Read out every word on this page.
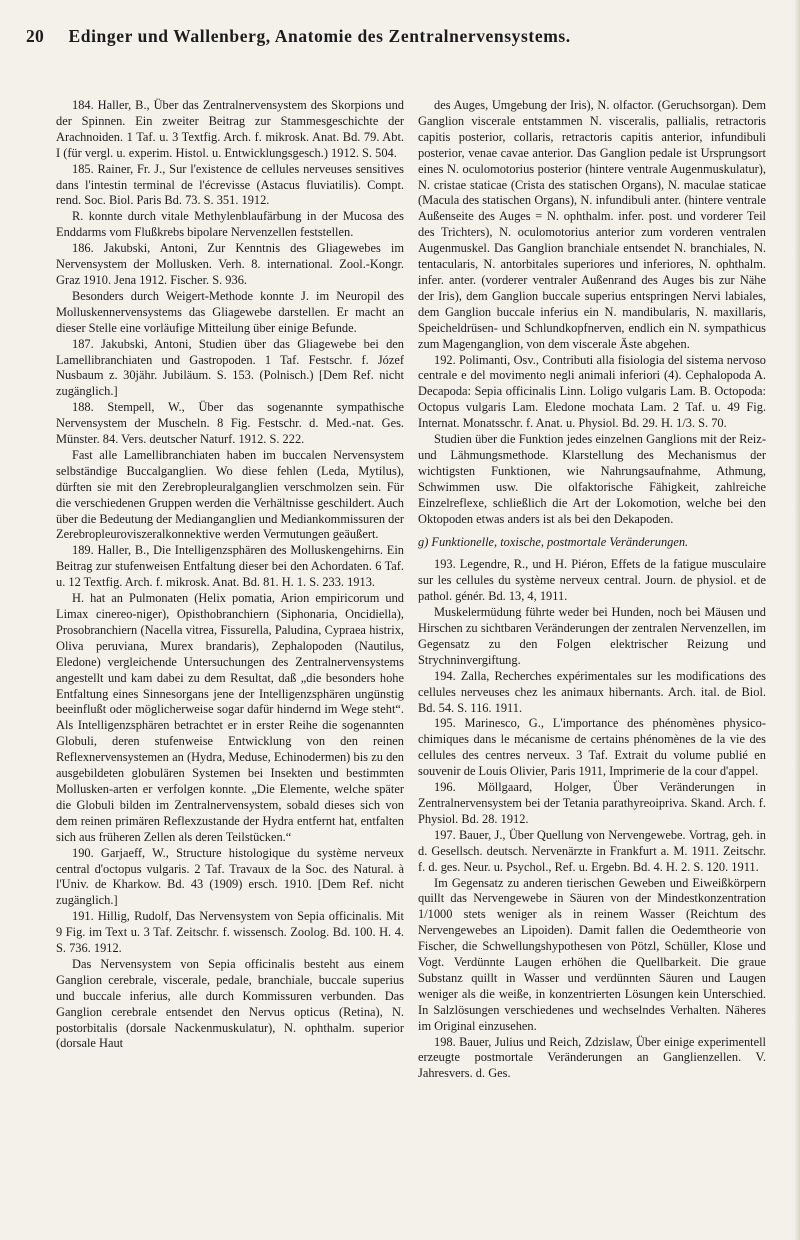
20 Edinger und Wallenberg, Anatomie des Zentralnervensystems.

184. Haller, B., Über das Zentralnervensystem des Skorpions und der Spinnen. Ein zweiter Beitrag zur Stammesgeschichte der Arachnoiden. 1 Taf. u. 3 Textfig. Arch. f. mikrosk. Anat. Bd. 79. Abt. I (für vergl. u. experim. Histol. u. Entwicklungsgesch.) 1912. S. 504.

185. Rainer, Fr. J., Sur l'existence de cellules nerveuses sensitives dans l'intestin terminal de l'écrevisse (Astacus fluviatilis). Compt. rend. Soc. Biol. Paris Bd. 73. S. 351. 1912.

R. konnte durch vitale Methylenblaufärbung in der Mucosa des Enddarms vom Flußkrebs bipolare Nervenzellen feststellen.

186. Jakubski, Antoni, Zur Kenntnis des Gliagewebes im Nervensystem der Mollusken. Verh. 8. international. Zool.-Kongr. Graz 1910. Jena 1912. Fischer. S. 936.

Besonders durch Weigert-Methode konnte J. im Neuropil des Molluskennervensystems das Gliagewebe darstellen. Er macht an dieser Stelle eine vorläufige Mitteilung über einige Befunde.

187. Jakubski, Antoni, Studien über das Gliagewebe bei den Lamellibranchiaten und Gastropoden. 1 Taf. Festschr. f. Józef Nusbaum z. 30jähr. Jubiläum. S. 153. (Polnisch.) [Dem Ref. nicht zugänglich.]

188. Stempell, W., Über das sogenannte sympathische Nervensystem der Muscheln. 8 Fig. Festschr. d. Med.-nat. Ges. Münster. 84. Vers. deutscher Naturf. 1912. S. 222.

Fast alle Lamellibranchiaten haben im buccalen Nervensystem selbständige Buccalganglien. Wo diese fehlen (Leda, Mytilus), dürften sie mit den Zerebropleuralganglien verschmolzen sein. Für die verschiedenen Gruppen werden die Verhältnisse geschildert. Auch über die Bedeutung der Medianganglien und Mediankommissuren der Zerebropleuroviszeralkonnektive werden Vermutungen geäußert.

189. Haller, B., Die Intelligenzsphären des Molluskengehirns. Ein Beitrag zur stufenweisen Entfaltung dieser bei den Achordaten. 6 Taf. u. 12 Textfig. Arch. f. mikrosk. Anat. Bd. 81. H. 1. S. 233. 1913.

H. hat an Pulmonaten (Helix pomatia, Arion empiricorum und Limax cinereo-niger), Opisthobranchiern (Siphonaria, Oncidiella), Prosobranchiern (Nacella vitrea, Fissurella, Paludina, Cypraea histrix, Oliva peruviana, Murex brandaris), Zephalopoden (Nautilus, Eledone) vergleichende Untersuchungen des Zentralnervensystems angestellt und kam dabei zu dem Resultat, daß „die besonders hohe Entfaltung eines Sinnesorgans jene der Intelligenzsphären ungünstig beeinflußt oder möglicherweise sogar dafür hindernd im Wege steht“. Als Intelligenzsphären betrachtet er in erster Reihe die sogenannten Globuli, deren stufenweise Entwicklung von den reinen Reflexnervensystemen an (Hydra, Meduse, Echinodermen) bis zu den ausgebildeten globulären Systemen bei Insekten und bestimmten Mollusken-arten er verfolgen konnte. „Die Elemente, welche später die Globuli bilden im Zentralnervensystem, sobald dieses sich von dem reinen primären Reflexzustande der Hydra entfernt hat, entfalten sich aus früheren Zellen als deren Teilstücken.“

190. Garjaeff, W., Structure histologique du système nerveux central d'octopus vulgaris. 2 Taf. Travaux de la Soc. des Natural. à l'Univ. de Kharkow. Bd. 43 (1909) ersch. 1910. [Dem Ref. nicht zugänglich.]

191. Hillig, Rudolf, Das Nervensystem von Sepia officinalis. Mit 9 Fig. im Text u. 3 Taf. Zeitschr. f. wissensch. Zoolog. Bd. 100. H. 4. S. 736. 1912.

Das Nervensystem von Sepia officinalis besteht aus einem Ganglion cerebrale, viscerale, pedale, branchiale, buccale superius und buccale inferius, alle durch Kommissuren verbunden. Das Ganglion cerebrale entsendet den Nervus opticus (Retina), N. postorbitalis (dorsale Nackenmuskulatur), N. ophthalm. superior (dorsale Haut

des Auges, Umgebung der Iris), N. olfactor. (Geruchsorgan). Dem Ganglion viscerale entstammen N. visceralis, pallialis, retractoris capitis posterior, collaris, retractoris capitis anterior, infundibuli posterior, venae cavae anterior. Das Ganglion pedale ist Ursprungsort eines N. oculomotorius posterior (hintere ventrale Augenmuskulatur), N. cristae staticae (Crista des statischen Organs), N. maculae staticae (Macula des statischen Organs), N. infundibuli anter. (hintere ventrale Außenseite des Auges = N. ophthalm. infer. post. und vorderer Teil des Trichters), N. oculomotorius anterior zum vorderen ventralen Augenmuskel. Das Ganglion branchiale entsendet N. branchiales, N. tentacularis, N. antorbitales superiores und inferiores, N. ophthalm. infer. anter. (vorderer ventraler Außenrand des Auges bis zur Nähe der Iris), dem Ganglion buccale superius entspringen Nervi labiales, dem Ganglion buccale inferius ein N. mandibularis, N. maxillaris, Speicheldrüsen- und Schlundkopfnerven, endlich ein N. sympathicus zum Magenganglion, von dem viscerale Äste abgehen.

192. Polimanti, Osv., Contributi alla fisiologia del sistema nervoso centrale e del movimento negli animali inferiori (4). Cephalopoda A. Decapoda: Sepia officinalis Linn. Loligo vulgaris Lam. B. Octopoda: Octopus vulgaris Lam. Eledone mochata Lam. 2 Taf. u. 49 Fig. Internat. Monatsschr. f. Anat. u. Physiol. Bd. 29. H. 1/3. S. 70.

Studien über die Funktion jedes einzelnen Ganglions mit der Reiz- und Lähmungsmethode. Klarstellung des Mechanismus der wichtigsten Funktionen, wie Nahrungsaufnahme, Athmung, Schwimmen usw. Die olfaktorische Fähigkeit, zahlreiche Einzelreflexe, schließlich die Art der Lokomotion, welche bei den Oktopoden etwas anders ist als bei den Dekapoden.

g) Funktionelle, toxische, postmortale Veränderungen.

193. Legendre, R., und H. Piéron, Effets de la fatigue musculaire sur les cellules du système nerveux central. Journ. de physiol. et de pathol. génér. Bd. 13, 4, 1911.

Muskelermüdung führte weder bei Hunden, noch bei Mäusen und Hirschen zu sichtbaren Veränderungen der zentralen Nervenzellen, im Gegensatz zu den Folgen elektrischer Reizung und Strychninvergiftung.

194. Zalla, Recherches expérimentales sur les modifications des cellules nerveuses chez les animaux hibernants. Arch. ital. de Biol. Bd. 54. S. 116. 1911.

195. Marinesco, G., L'importance des phénomènes physico-chimiques dans le mécanisme de certains phénomènes de la vie des cellules des centres nerveux. 3 Taf. Extrait du volume publié en souvenir de Louis Olivier, Paris 1911, Imprimerie de la cour d'appel.

196. Möllgaard, Holger, Über Veränderungen in Zentralnervensystem bei der Tetania parathyreoipriva. Skand. Arch. f. Physiol. Bd. 28. 1912.

197. Bauer, J., Über Quellung von Nervengewebe. Vortrag, geh. in d. Gesellsch. deutsch. Nervenärzte in Frankfurt a. M. 1911. Zeitschr. f. d. ges. Neur. u. Psychol., Ref. u. Ergebn. Bd. 4. H. 2. S. 120. 1911.

Im Gegensatz zu anderen tierischen Geweben und Eiweißkörpern quillt das Nervengewebe in Säuren von der Mindestkonzentration 1/1000 stets weniger als in reinem Wasser (Reichtum des Nervengewebes an Lipoiden). Damit fallen die Oedemtheorie von Fischer, die Schwellungshypothesen von Pötzl, Schüller, Klose und Vogt. Verdünnte Laugen erhöhen die Quellbarkeit. Die graue Substanz quillt in Wasser und verdünnten Säuren und Laugen weniger als die weiße, in konzentrierten Lösungen kein Unterschied. In Salzlösungen verschiedenes und wechselndes Verhalten. Näheres im Original einzusehen.

198. Bauer, Julius und Reich, Zdzislaw, Über einige experimentell erzeugte postmortale Veränderungen an Ganglienzellen. V. Jahresvers. d. Ges.
